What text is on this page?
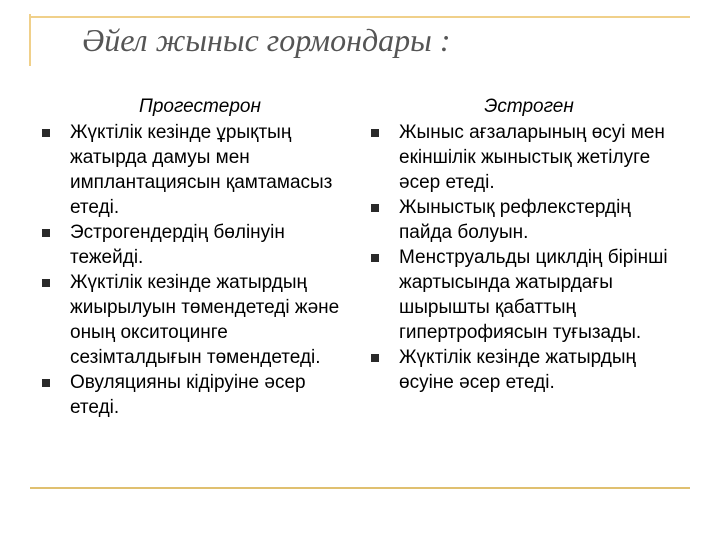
Әйел жыныс гормондары :
Прогестерон
Жүктілік кезінде ұрықтың жатырда дамуы мен имплантациясын қамтамасыз етеді.
Эстрогендердің бөлінуін тежейді.
Жүктілік кезінде жатырдың жиырылуын төмендетеді және оның окситоцинге сезімталдығын төмендетеді.
Овуляцияны кідіруіне әсер етеді.
Эстроген
Жыныс ағзаларының өсуі мен екіншілік жыныстық жетілуге әсер етеді.
Жыныстық рефлекстердің пайда болуын.
Менструальды циклдің бірінші жартысында жатырдағы шырышты қабаттың гипертрофиясын туғызады.
Жүктілік кезінде жатырдың өсуіне әсер етеді.
